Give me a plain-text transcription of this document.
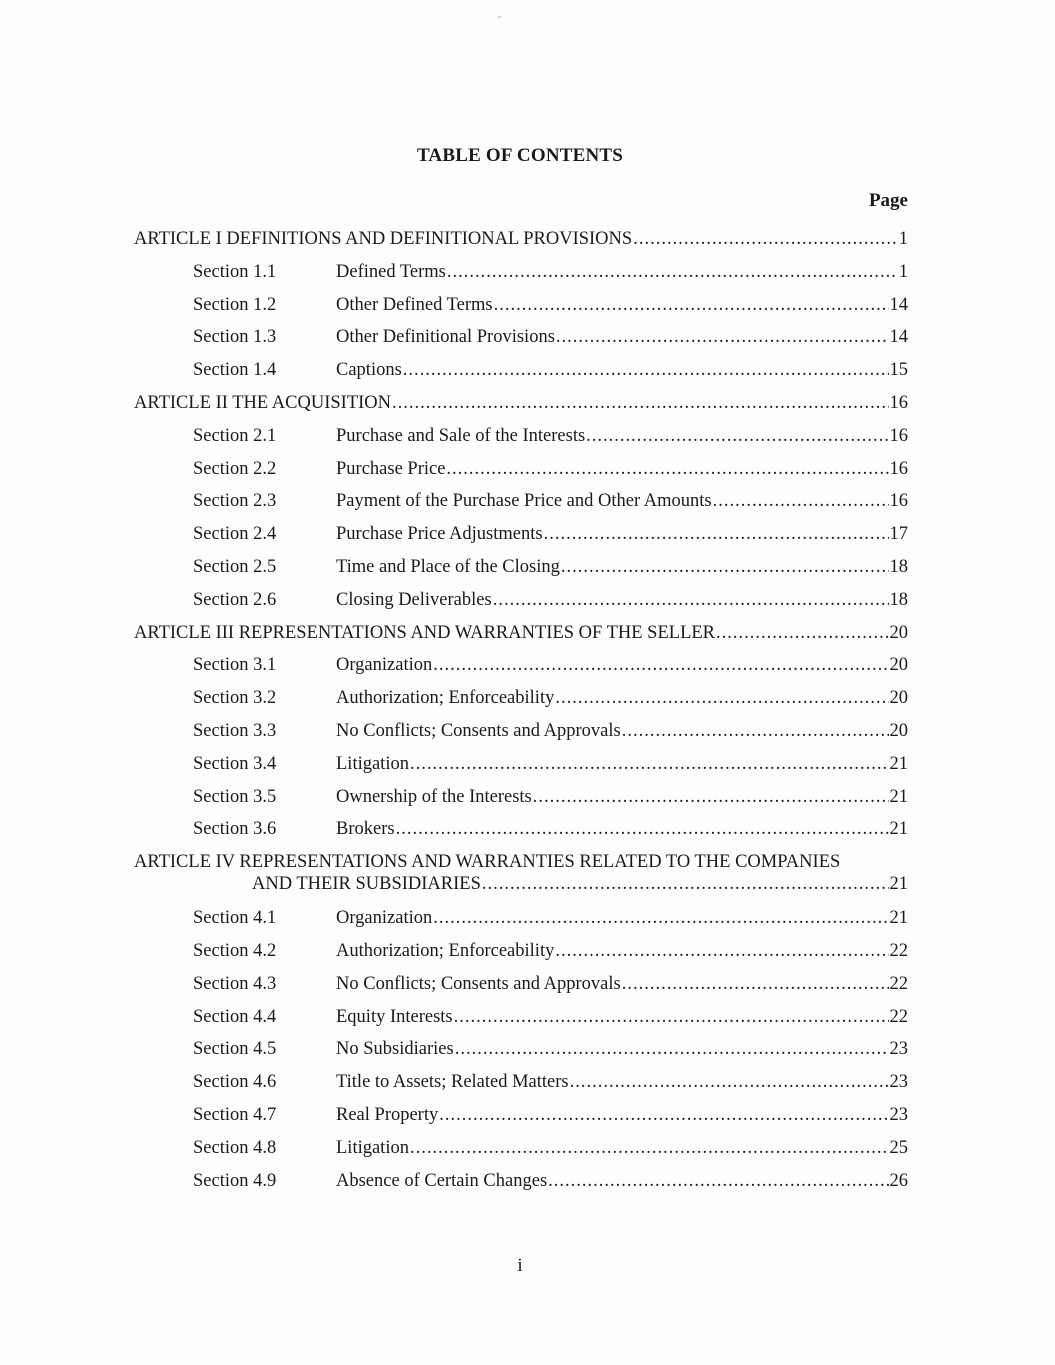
TABLE OF CONTENTS
Page
ARTICLE I DEFINITIONS AND DEFINITIONAL PROVISIONS .....	1
Section 1.1	Defined Terms .....	1
Section 1.2	Other Defined Terms .....	14
Section 1.3	Other Definitional Provisions .....	14
Section 1.4	Captions .....	15
ARTICLE II THE ACQUISITION .....	16
Section 2.1	Purchase and Sale of the Interests .....	16
Section 2.2	Purchase Price .....	16
Section 2.3	Payment of the Purchase Price and Other Amounts .....	16
Section 2.4	Purchase Price Adjustments .....	17
Section 2.5	Time and Place of the Closing .....	18
Section 2.6	Closing Deliverables .....	18
ARTICLE III REPRESENTATIONS AND WARRANTIES OF THE SELLER .....	20
Section 3.1	Organization .....	20
Section 3.2	Authorization; Enforceability .....	20
Section 3.3	No Conflicts; Consents and Approvals .....	20
Section 3.4	Litigation .....	21
Section 3.5	Ownership of the Interests .....	21
Section 3.6	Brokers .....	21
ARTICLE IV REPRESENTATIONS AND WARRANTIES RELATED TO THE COMPANIES
AND THEIR SUBSIDIARIES .....	21
Section 4.1	Organization .....	21
Section 4.2	Authorization; Enforceability .....	22
Section 4.3	No Conflicts; Consents and Approvals .....	22
Section 4.4	Equity Interests .....	22
Section 4.5	No Subsidiaries .....	23
Section 4.6	Title to Assets; Related Matters .....	23
Section 4.7	Real Property .....	23
Section 4.8	Litigation .....	25
Section 4.9	Absence of Certain Changes .....	26
i
